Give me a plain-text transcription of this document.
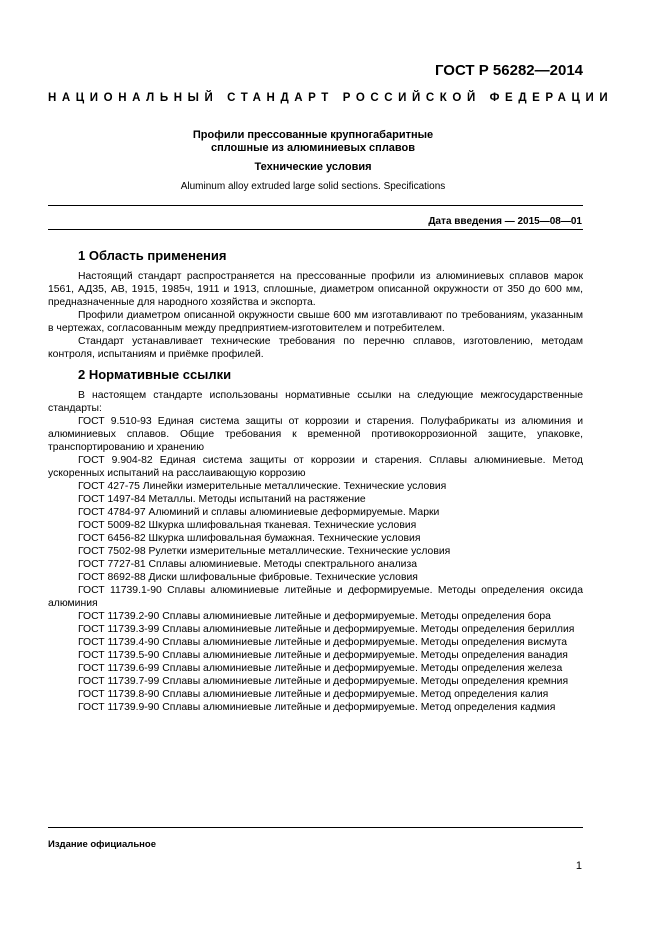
ГОСТ Р 56282—2014
НАЦИОНАЛЬНЫЙ СТАНДАРТ РОССИЙСКОЙ ФЕДЕРАЦИИ
Профили прессованные крупногабаритные
сплошные из алюминиевых сплавов
Технические условия
Aluminum alloy extruded large solid sections. Specifications
Дата введения — 2015—08—01
1 Область применения

Настоящий стандарт распространяется на прессованные профили из алюминиевых сплавов марок 1561, АД35, АВ, 1915, 1985ч, 1911 и 1913, сплошные, диаметром описанной окружности от 350 до 600 мм, предназначенные для народного хозяйства и экспорта.

Профили диаметром описанной окружности свыше 600 мм изготавливают по требованиям, указанным в чертежах, согласованным между предприятием-изготовителем и потребителем.

Стандарт устанавливает технические требования по перечню сплавов, изготовлению, методам контроля, испытаниям и приёмке профилей.

2 Нормативные ссылки

В настоящем стандарте использованы нормативные ссылки на следующие межгосударственные стандарты:

ГОСТ 9.510-93 Единая система защиты от коррозии и старения. Полуфабрикаты из алюминия и алюминиевых сплавов. Общие требования к временной противокоррозионной защите, упаковке, транспортированию и хранению

ГОСТ 9.904-82 Единая система защиты от коррозии и старения. Сплавы алюминиевые. Метод ускоренных испытаний на расслаивающую коррозию

ГОСТ 427-75 Линейки измерительные металлические. Технические условия

ГОСТ 1497-84 Металлы. Методы испытаний на растяжение

ГОСТ 4784-97 Алюминий и сплавы алюминиевые деформируемые. Марки

ГОСТ 5009-82 Шкурка шлифовальная тканевая. Технические условия

ГОСТ 6456-82 Шкурка шлифовальная бумажная. Технические условия

ГОСТ 7502-98 Рулетки измерительные металлические. Технические условия

ГОСТ 7727-81 Сплавы алюминиевые. Методы спектрального анализа

ГОСТ 8692-88 Диски шлифовальные фибровые. Технические условия

ГОСТ 11739.1-90 Сплавы алюминиевые литейные и деформируемые. Методы определения оксида алюминия

ГОСТ 11739.2-90 Сплавы алюминиевые литейные и деформируемые. Методы определения бора

ГОСТ 11739.3-99 Сплавы алюминиевые литейные и деформируемые. Методы определения бериллия

ГОСТ 11739.4-90 Сплавы алюминиевые литейные и деформируемые. Методы определения висмута

ГОСТ 11739.5-90 Сплавы алюминиевые литейные и деформируемые. Методы определения ванадия

ГОСТ 11739.6-99 Сплавы алюминиевые литейные и деформируемые. Методы определения железа

ГОСТ 11739.7-99 Сплавы алюминиевые литейные и деформируемые. Методы определения кремния

ГОСТ 11739.8-90 Сплавы алюминиевые литейные и деформируемые. Метод определения калия

ГОСТ 11739.9-90 Сплавы алюминиевые литейные и деформируемые. Метод определения кадмия

Издание официальное
1
